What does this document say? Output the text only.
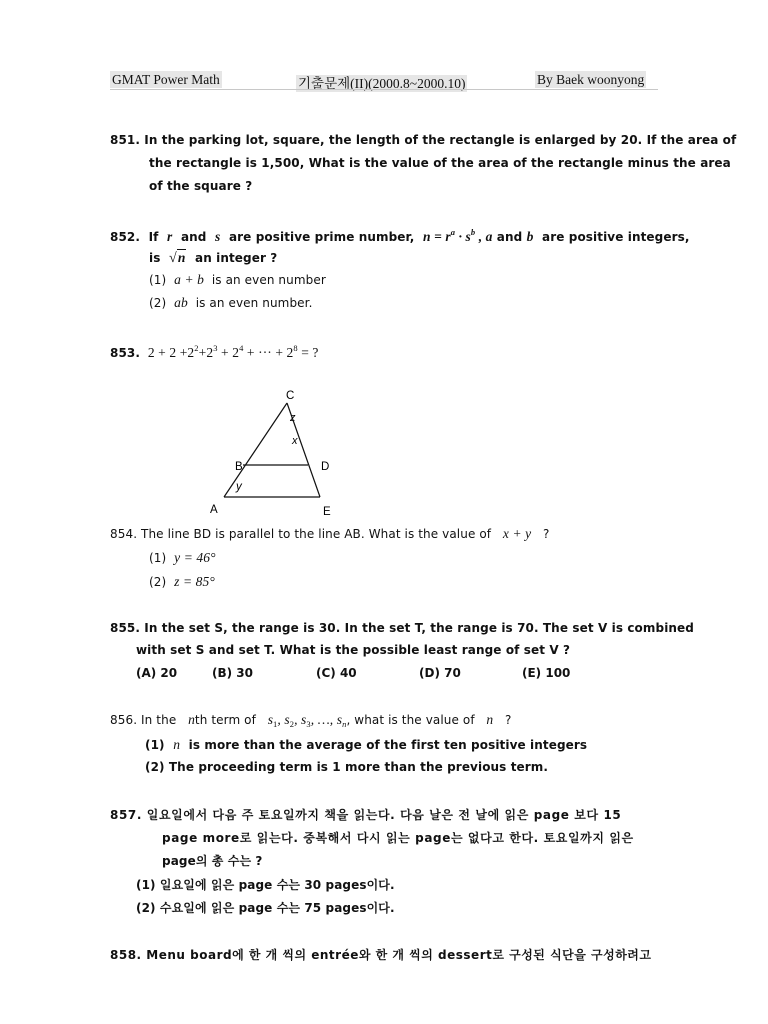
GMAT Power Math	기출문제(II)(2000.8~2000.10)	By Baek woonyong
851. In the parking lot, square, the length of the rectangle is enlarged by 20. If the area of
the rectangle is 1,500, What is the value of the area of the rectangle minus the area
of the square ?
852. If r and s are positive prime number, $n = r^a \cdot s^b$ , a and b are positive integers,
is √n an integer ?
(1) a + b is an even number
(2) ab is an even number.
853. $2 + 2 +2^2+2^3 + 2^4$ + ··· + $2^8$ = ?
C
B	D
A	E
z
x
y
854. The line BD is parallel to the line AB. What is the value of x + y ?
(1) y = 46°
(2) z = 85°
855. In the set S, the range is 30. In the set T, the range is 70. The set V is combined
with set S and set T. What is the possible least range of set V ?
(A) 20	(B) 30	(C) 40	(D) 70	(E) 100
856. In the nth term of $s_1$, $s_2$, $s_3$, …, $s_n$, what is the value of n ?
(1) n is more than the average of the first ten positive integers
(2) The proceeding term is 1 more than the previous term.
857. 일요일에서 다음 주 토요일까지 책을 읽는다. 다음 날은 전 날에 읽은 page 보다 15
page more로 읽는다. 중복해서 다시 읽는 page는 없다고 한다. 토요일까지 읽은
page의 총 수는 ?
(1) 일요일에 읽은 page 수는 30 pages이다.
(2) 수요일에 읽은 page 수는 75 pages이다.
858. Menu board에 한 개 씩의 entrée와 한 개 씩의 dessert로 구성된 식단을 구성하려고
